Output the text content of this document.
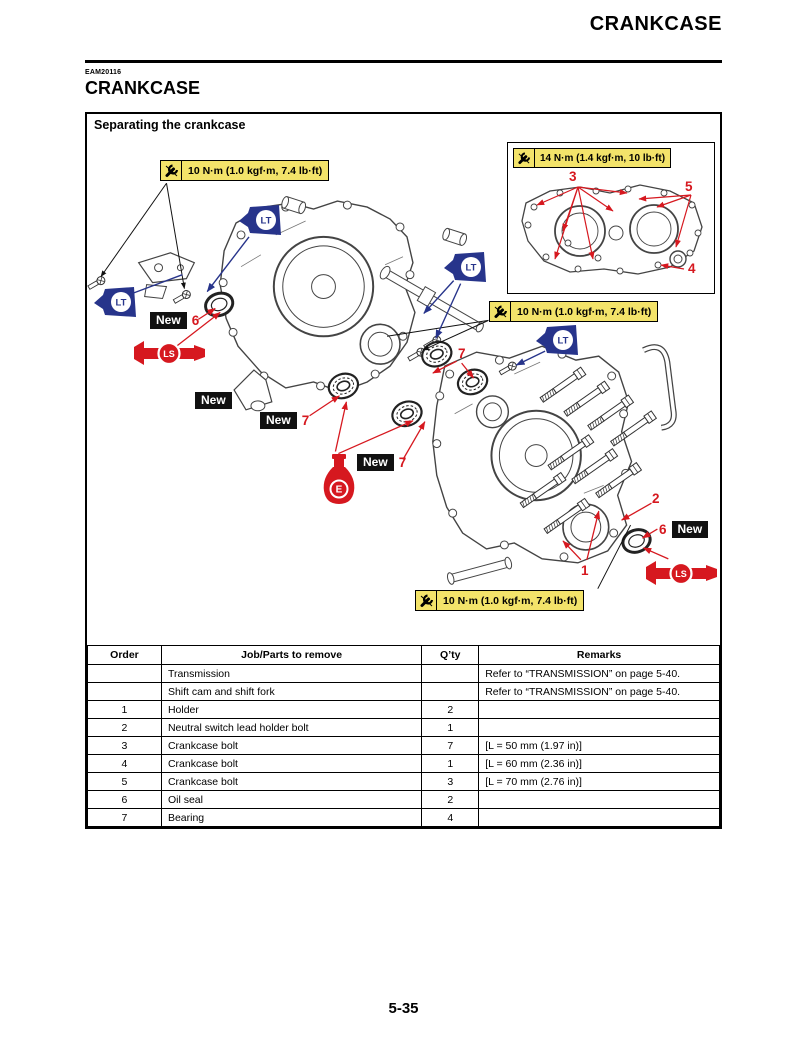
CRANKCASE
EAM20116
CRANKCASE
Separating the crankcase
10 N·m (1.0 kgf·m, 7.4 lb·ft)
10 N·m (1.0 kgf·m, 7.4 lb·ft)
10 N·m (1.0 kgf·m, 7.4 lb·ft)
14 N·m (1.4 kgf·m, 10 lb·ft)
3
5
4
LT
LT
LT
LT
LS
LS
E
New 6
New
New 7
New 7
6 New
7
2
1
Order	Job/Parts to remove	Q’ty	Remarks
	Transmission		Refer to “TRANSMISSION” on page 5-40.
	Shift cam and shift fork		Refer to “TRANSMISSION” on page 5-40.
1	Holder	2	
2	Neutral switch lead holder bolt	1	
3	Crankcase bolt	7	[L = 50 mm (1.97 in)]
4	Crankcase bolt	1	[L = 60 mm (2.36 in)]
5	Crankcase bolt	3	[L = 70 mm (2.76 in)]
6	Oil seal	2	
7	Bearing	4	
5-35
